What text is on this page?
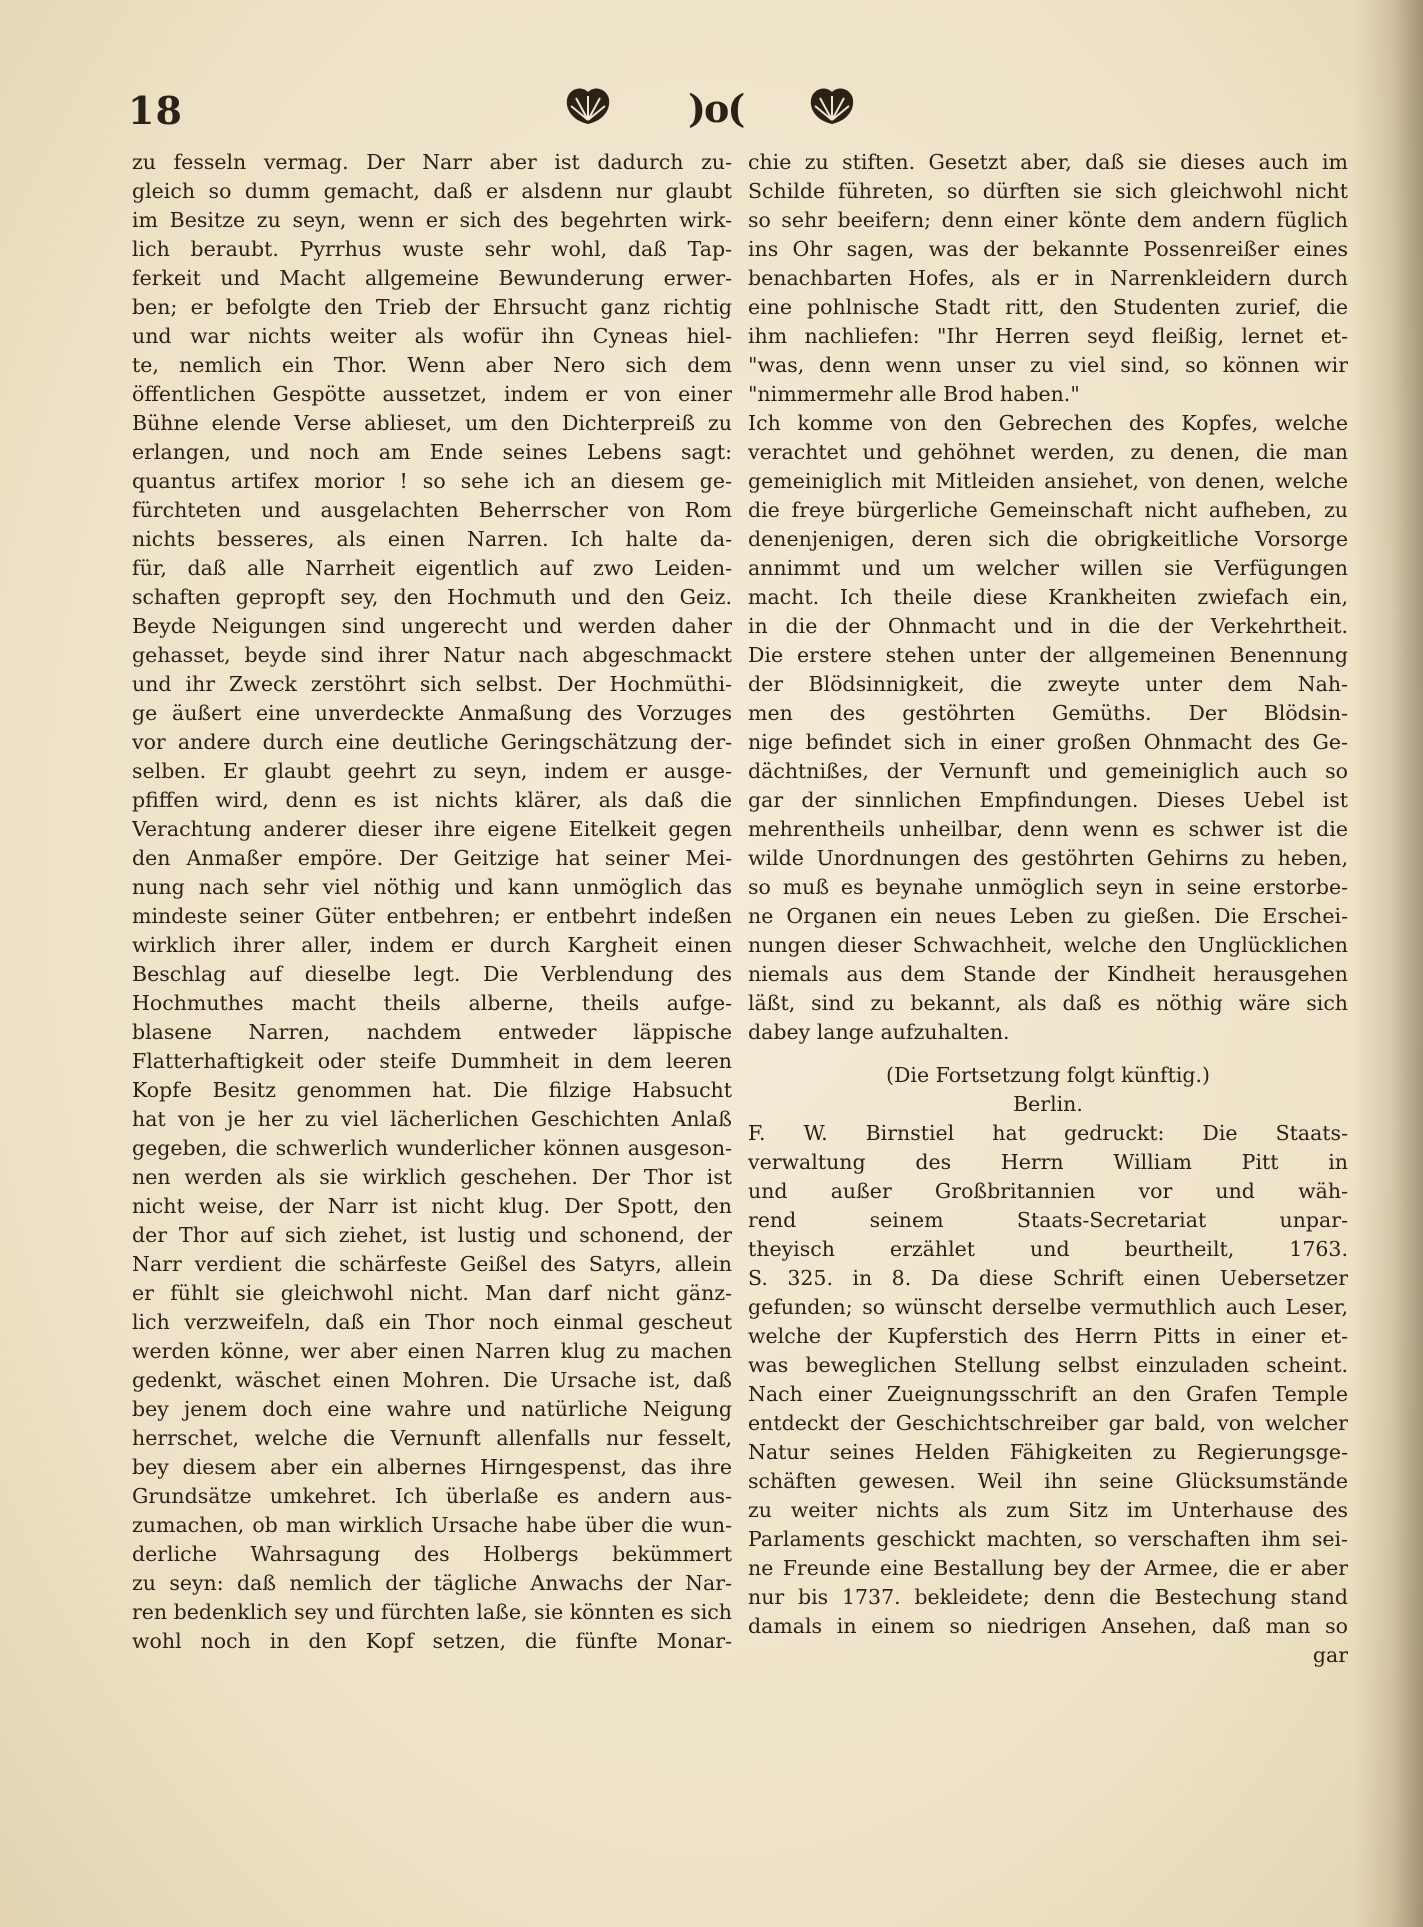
18	)o(
zu fesseln vermag. Der Narr aber ist dadurch zu-
gleich so dumm gemacht, daß er alsdenn nur glaubt
im Besitze zu seyn, wenn er sich des begehrten wirk-
lich beraubt. Pyrrhus wuste sehr wohl, daß Tap-
ferkeit und Macht allgemeine Bewunderung erwer-
ben; er befolgte den Trieb der Ehrsucht ganz richtig
und war nichts weiter als wofür ihn Cyneas hiel-
te, nemlich ein Thor. Wenn aber Nero sich dem
öffentlichen Gespötte aussetzet, indem er von einer
Bühne elende Verse ablieset, um den Dichterpreiß zu
erlangen, und noch am Ende seines Lebens sagt:
quantus artifex morior ! so sehe ich an diesem ge-
fürchteten und ausgelachten Beherrscher von Rom
nichts besseres, als einen Narren. Ich halte da-
für, daß alle Narrheit eigentlich auf zwo Leiden-
schaften gepropft sey, den Hochmuth und den Geiz.
Beyde Neigungen sind ungerecht und werden daher
gehasset, beyde sind ihrer Natur nach abgeschmackt
und ihr Zweck zerstöhrt sich selbst. Der Hochmüthi-
ge äußert eine unverdeckte Anmaßung des Vorzuges
vor andere durch eine deutliche Geringschätzung der-
selben. Er glaubt geehrt zu seyn, indem er ausge-
pfiffen wird, denn es ist nichts klärer, als daß die
Verachtung anderer dieser ihre eigene Eitelkeit gegen
den Anmaßer empöre. Der Geitzige hat seiner Mei-
nung nach sehr viel nöthig und kann unmöglich das
mindeste seiner Güter entbehren; er entbehrt indeßen
wirklich ihrer aller, indem er durch Kargheit einen
Beschlag auf dieselbe legt. Die Verblendung des
Hochmuthes macht theils alberne, theils aufge-
blasene Narren, nachdem entweder läppische
Flatterhaftigkeit oder steife Dummheit in dem leeren
Kopfe Besitz genommen hat. Die filzige Habsucht
hat von je her zu viel lächerlichen Geschichten Anlaß
gegeben, die schwerlich wunderlicher können ausgeson-
nen werden als sie wirklich geschehen. Der Thor ist
nicht weise, der Narr ist nicht klug. Der Spott, den
der Thor auf sich ziehet, ist lustig und schonend, der
Narr verdient die schärfeste Geißel des Satyrs, allein
er fühlt sie gleichwohl nicht. Man darf nicht gänz-
lich verzweifeln, daß ein Thor noch einmal gescheut
werden könne, wer aber einen Narren klug zu machen
gedenkt, wäschet einen Mohren. Die Ursache ist, daß
bey jenem doch eine wahre und natürliche Neigung
herrschet, welche die Vernunft allenfalls nur fesselt,
bey diesem aber ein albernes Hirngespenst, das ihre
Grundsätze umkehret. Ich überlaße es andern aus-
zumachen, ob man wirklich Ursache habe über die wun-
derliche Wahrsagung des Holbergs bekümmert
zu seyn: daß nemlich der tägliche Anwachs der Nar-
ren bedenklich sey und fürchten laße, sie könnten es sich
wohl noch in den Kopf setzen, die fünfte Monar-
chie zu stiften. Gesetzt aber, daß sie dieses auch im
Schilde führeten, so dürften sie sich gleichwohl nicht
so sehr beeifern; denn einer könte dem andern füglich
ins Ohr sagen, was der bekannte Possenreißer eines
benachbarten Hofes, als er in Narrenkleidern durch
eine pohlnische Stadt ritt, den Studenten zurief, die
ihm nachliefen: "Ihr Herren seyd fleißig, lernet et-
"was, denn wenn unser zu viel sind, so können wir
"nimmermehr alle Brod haben."
Ich komme von den Gebrechen des Kopfes, welche
verachtet und gehöhnet werden, zu denen, die man
gemeiniglich mit Mitleiden ansiehet, von denen, welche
die freye bürgerliche Gemeinschaft nicht aufheben, zu
denenjenigen, deren sich die obrigkeitliche Vorsorge
annimmt und um welcher willen sie Verfügungen
macht. Ich theile diese Krankheiten zwiefach ein,
in die der Ohnmacht und in die der Verkehrtheit.
Die erstere stehen unter der allgemeinen Benennung
der Blödsinnigkeit, die zweyte unter dem Nah-
men des gestöhrten Gemüths. Der Blödsin-
nige befindet sich in einer großen Ohnmacht des Ge-
dächtnißes, der Vernunft und gemeiniglich auch so
gar der sinnlichen Empfindungen. Dieses Uebel ist
mehrentheils unheilbar, denn wenn es schwer ist die
wilde Unordnungen des gestöhrten Gehirns zu heben,
so muß es beynahe unmöglich seyn in seine erstorbe-
ne Organen ein neues Leben zu gießen. Die Erschei-
nungen dieser Schwachheit, welche den Unglücklichen
niemals aus dem Stande der Kindheit herausgehen
läßt, sind zu bekannt, als daß es nöthig wäre sich
dabey lange aufzuhalten.
(Die Fortsetzung folgt künftig.)
Berlin.
F. W. Birnstiel hat gedruckt: Die Staats-
verwaltung des Herrn William Pitt in
und außer Großbritannien vor und wäh-
rend seinem Staats-Secretariat unpar-
theyisch erzählet und beurtheilt, 1763.
S. 325. in 8. Da diese Schrift einen Uebersetzer
gefunden; so wünscht derselbe vermuthlich auch Leser,
welche der Kupferstich des Herrn Pitts in einer et-
was beweglichen Stellung selbst einzuladen scheint.
Nach einer Zueignungsschrift an den Grafen Temple
entdeckt der Geschichtschreiber gar bald, von welcher
Natur seines Helden Fähigkeiten zu Regierungsge-
schäften gewesen. Weil ihn seine Glücksumstände
zu weiter nichts als zum Sitz im Unterhause des
Parlaments geschickt machten, so verschaften ihm sei-
ne Freunde eine Bestallung bey der Armee, die er aber
nur bis 1737. bekleidete; denn die Bestechung stand
damals in einem so niedrigen Ansehen, daß man so
gar
